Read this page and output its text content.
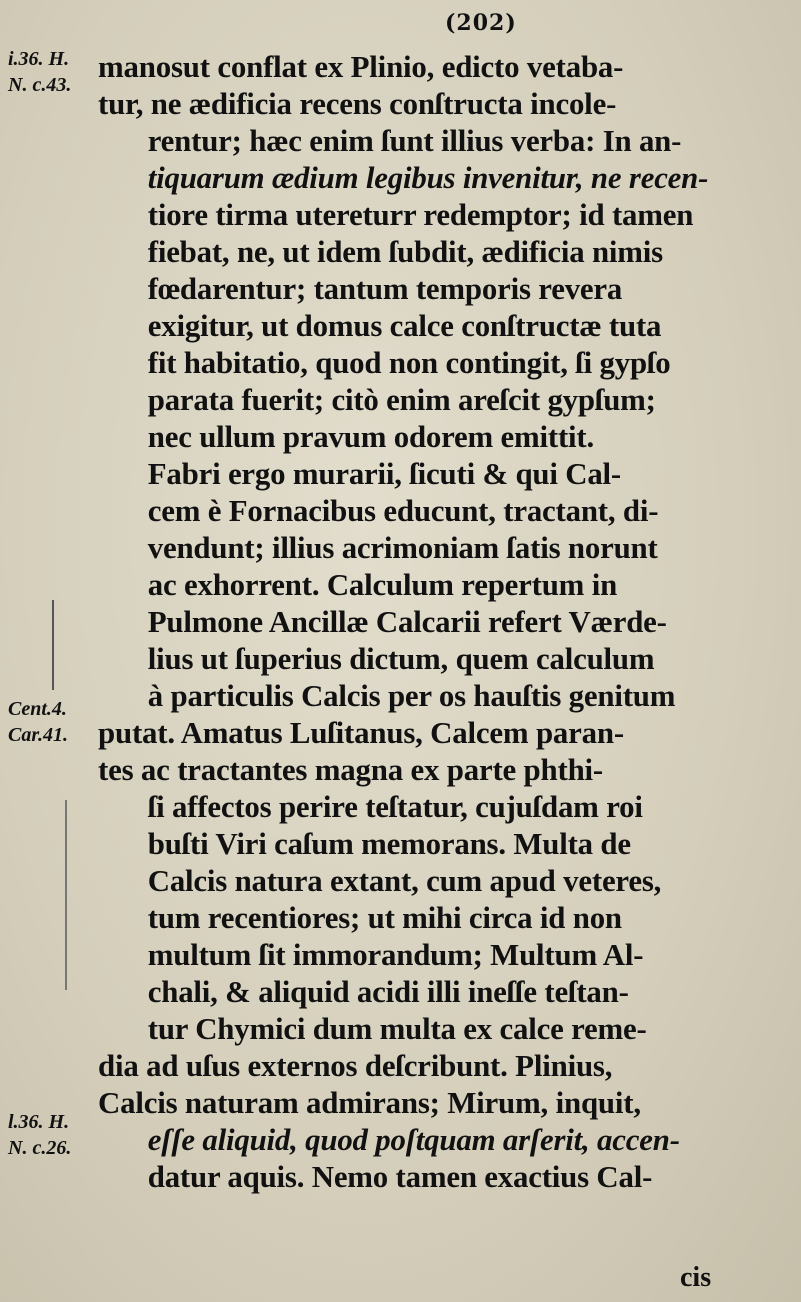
(202)
i.36. H.
N. c.43.
Cent.4.
Car.41.
l.36. H.
N. c.26.
manosut conflat ex Plinio, edicto vetaba-
tur, ne ædificia recens conſtructa incole-
rentur; hæc enim ſunt illius verba: In an-
tiquarum ædium legibus invenitur, ne recen-
tiore tirma utereturr redemptor; id tamen
fiebat, ne, ut idem ſubdit, ædificia nimis
fœdarentur; tantum temporis revera
exigitur, ut domus calce conſtructæ tuta
fit habitatio, quod non contingit, ſi gypſo
parata fuerit; citò enim areſcit gypſum;
nec ullum pravum odorem emittit.
Fabri ergo murarii, ſicuti & qui Cal-
cem è Fornacibus educunt, tractant, di-
vendunt; illius acrimoniam ſatis norunt
ac exhorrent. Calculum repertum in
Pulmone Ancillæ Calcarii refert Værde-
lius ut ſuperius dictum, quem calculum
à particulis Calcis per os hauſtis genitum
putat. Amatus Luſitanus, Calcem paran-
tes ac tractantes magna ex parte phthi-
ſi affectos perire teſtatur, cujuſdam roi
buſti Viri caſum memorans. Multa de
Calcis natura extant, cum apud veteres,
tum recentiores; ut mihi circa id non
multum ſit immorandum; Multum Al-
chali, & aliquid acidi illi ineſſe teſtan-
tur Chymici dum multa ex calce reme-
dia ad uſus externos deſcribunt. Plinius,
Calcis naturam admirans; Mirum, inquit,
eſſe aliquid, quod poſtquam arſerit, accen-
datur aquis. Nemo tamen exactius Cal-
cis
